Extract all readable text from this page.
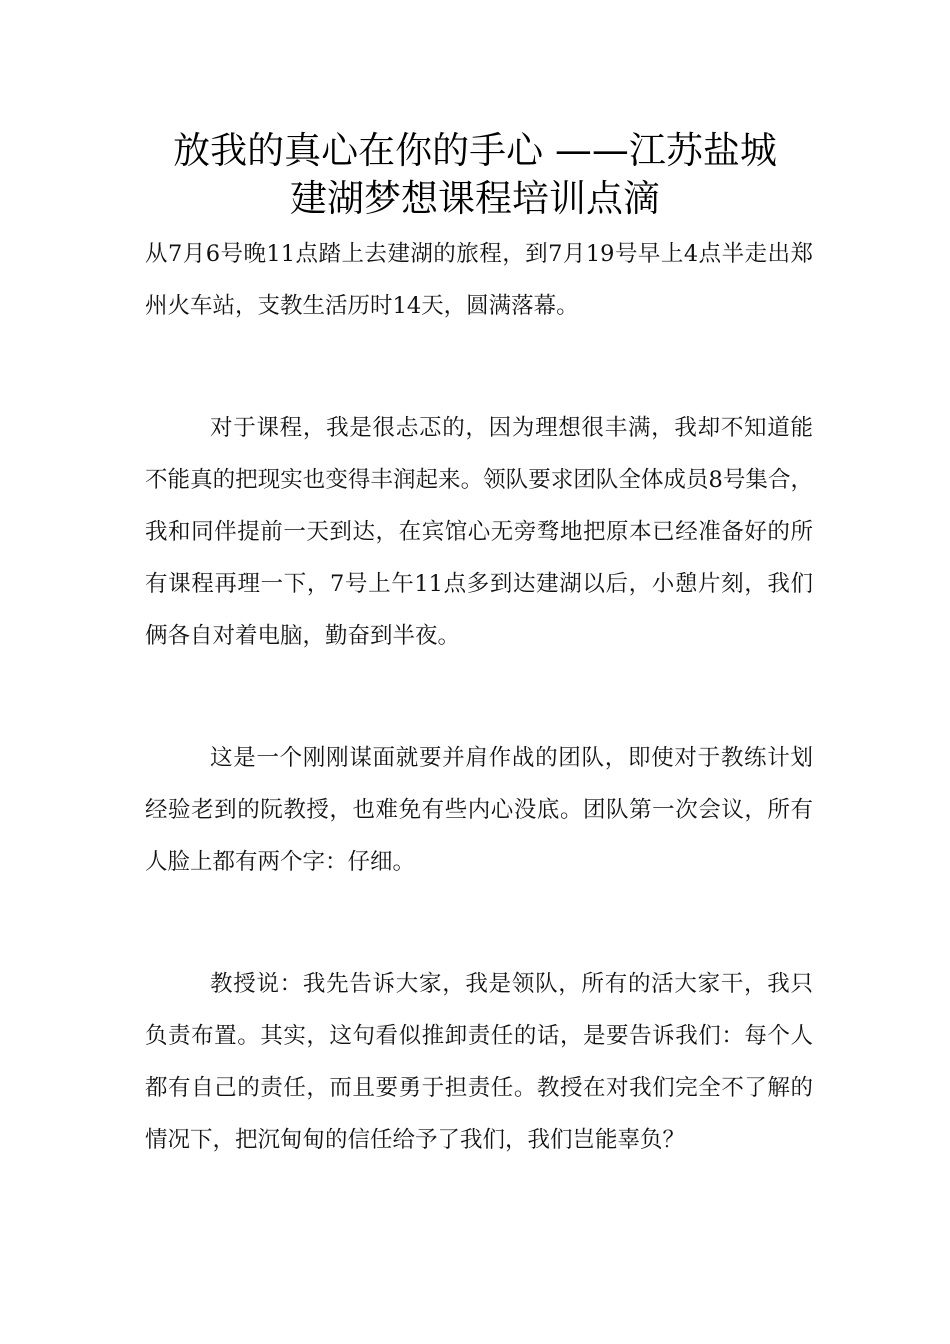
放我的真心在你的手心 ——江苏盐城
建湖梦想课程培训点滴

从7月6号晚11点踏上去建湖的旅程，到7月19号早上4点半走出郑州火车站，支教生活历时14天，圆满落幕。

对于课程，我是很忐忑的，因为理想很丰满，我却不知道能不能真的把现实也变得丰润起来。领队要求团队全体成员8号集合，我和同伴提前一天到达，在宾馆心无旁骛地把原本已经准备好的所有课程再理一下，7号上午11点多到达建湖以后，小憩片刻，我们俩各自对着电脑，勤奋到半夜。

这是一个刚刚谋面就要并肩作战的团队，即使对于教练计划经验老到的阮教授，也难免有些内心没底。团队第一次会议，所有人脸上都有两个字：仔细。

教授说：我先告诉大家，我是领队，所有的活大家干，我只负责布置。其实，这句看似推卸责任的话，是要告诉我们：每个人都有自己的责任，而且要勇于担责任。教授在对我们完全不了解的情况下，把沉甸甸的信任给予了我们，我们岂能辜负？
